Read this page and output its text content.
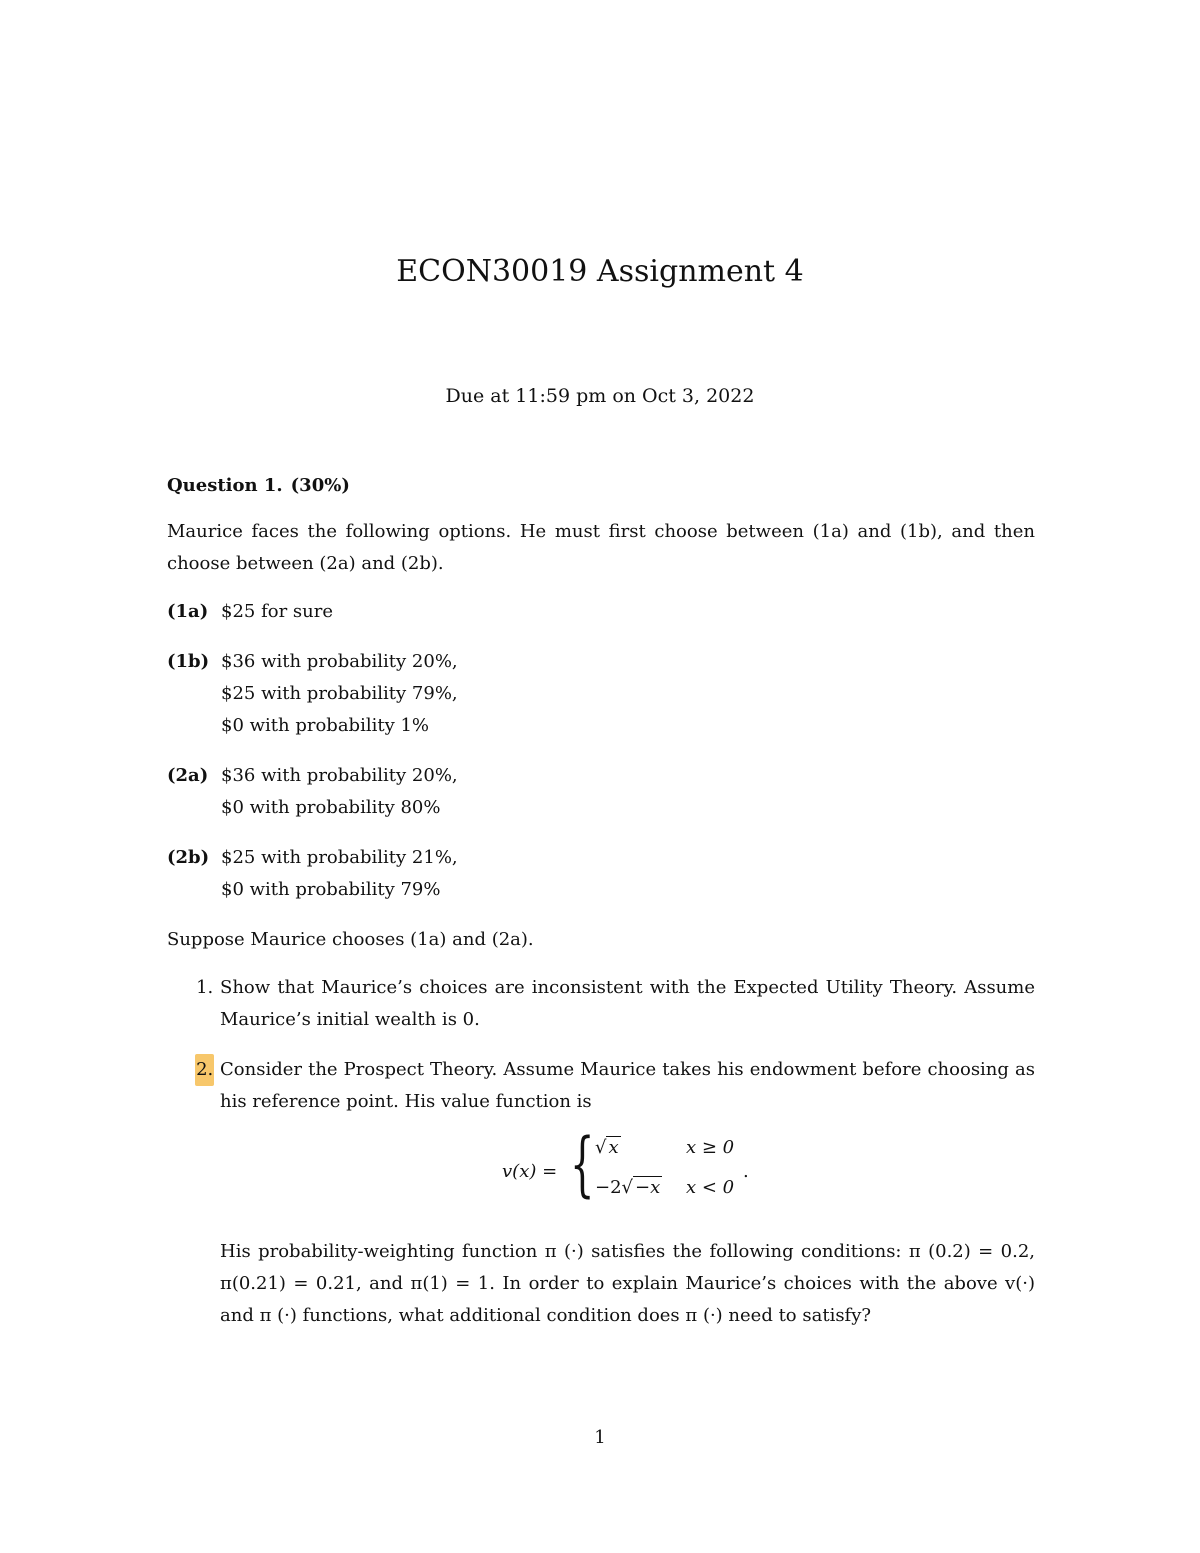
ECON30019 Assignment 4
Due at 11:59 pm on Oct 3, 2022
Question 1. (30%)
Maurice faces the following options. He must first choose between (1a) and (1b), and then choose between (2a) and (2b).
(1a) $25 for sure
(1b) $36 with probability 20%,
$25 with probability 79%,
$0 with probability 1%
(2a) $36 with probability 20%,
$0 with probability 80%
(2b) $25 with probability 21%,
$0 with probability 79%
Suppose Maurice chooses (1a) and (2a).
1. Show that Maurice’s choices are inconsistent with the Expected Utility Theory. Assume Maurice’s initial wealth is 0.
2. Consider the Prospect Theory. Assume Maurice takes his endowment before choosing as his reference point. His value function is
v(x) = { √ x	x ≥ 0
−2√ −x x < 0
.
His probability-weighting function π (·) satisfies the following conditions: π (0.2) = 0.2, π(0.21) = 0.21, and π(1) = 1. In order to explain Maurice’s choices with the above v(·) and π (·) functions, what additional condition does π (·) need to satisfy?
1
